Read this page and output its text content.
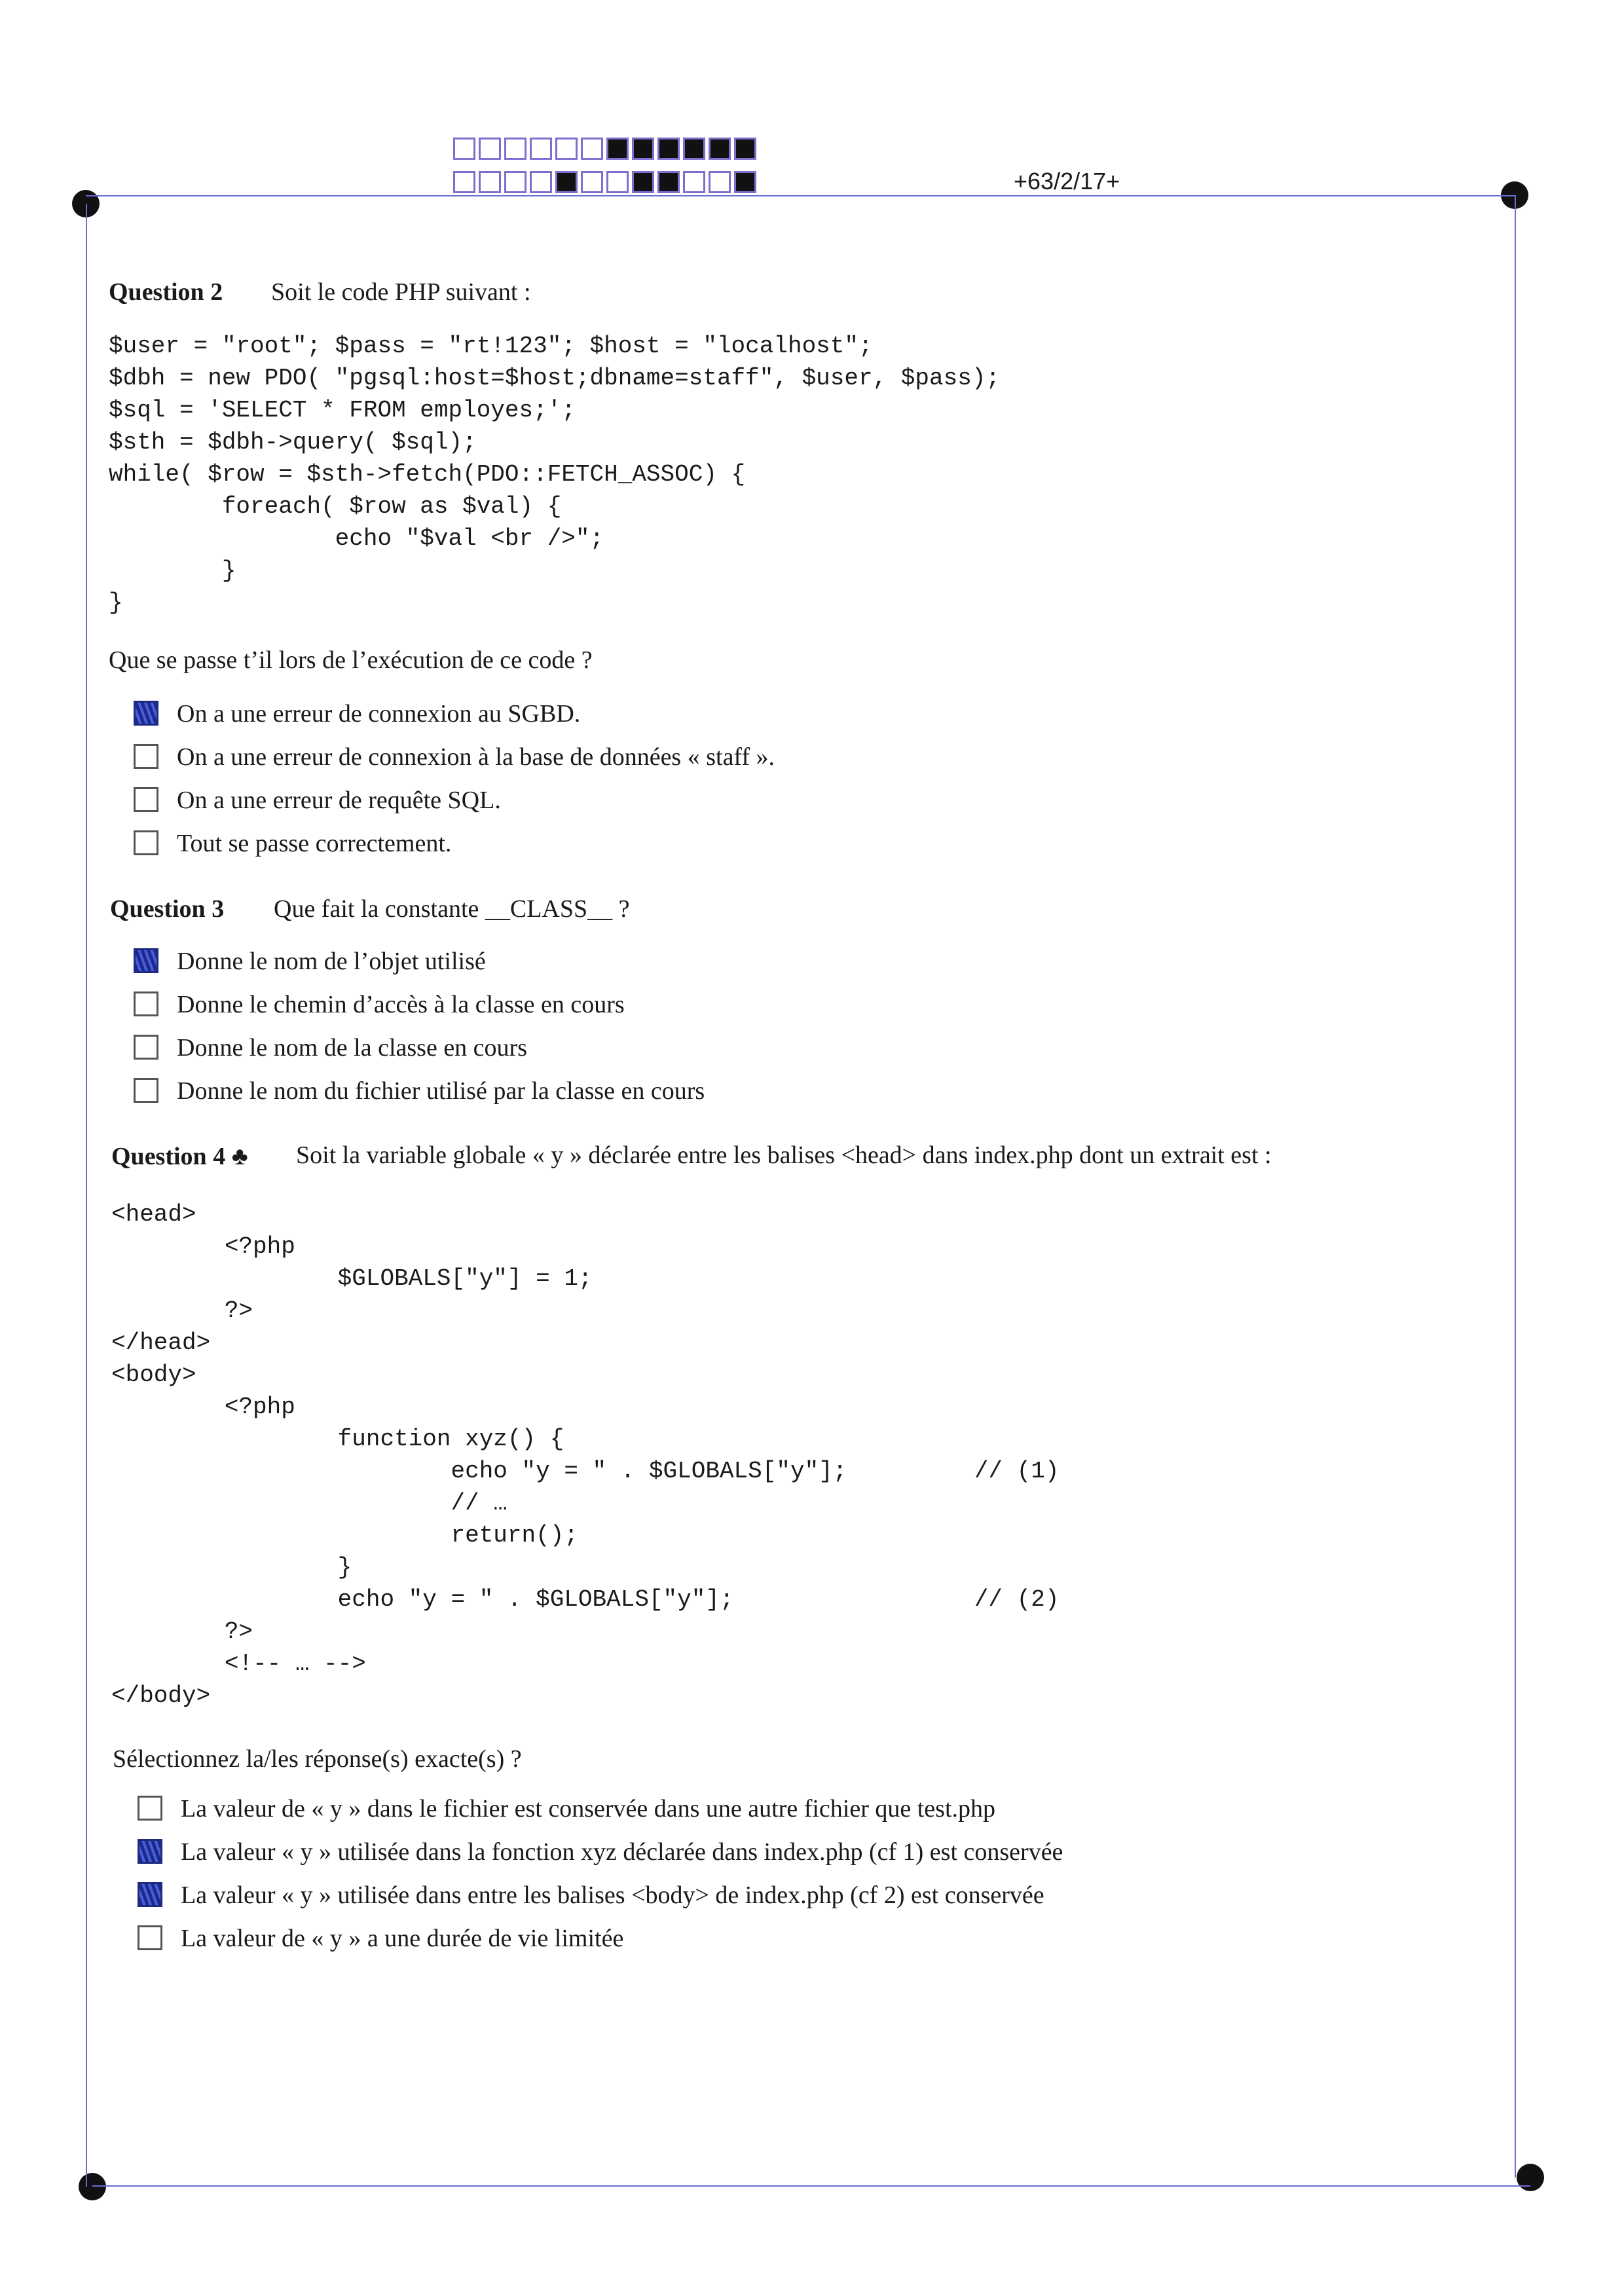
+63/2/17+
Question 2 Soit le code PHP suivant :
$user = "root"; $pass = "rt!123"; $host = "localhost";
$dbh = new PDO( "pgsql:host=$host;dbname=staff", $user, $pass);
$sql = 'SELECT * FROM employes;';
$sth = $dbh->query( $sql);
while( $row = $sth->fetch(PDO::FETCH_ASSOC) {
foreach( $row as $val) {
echo "$val <br />";
}
}
Que se passe t’il lors de l’exécution de ce code ?
On a une erreur de connexion au SGBD.
On a une erreur de connexion à la base de données « staff ».
On a une erreur de requête SQL.
Tout se passe correctement.
Question 3 Que fait la constante __CLASS__ ?
Donne le nom de l’objet utilisé
Donne le chemin d’accès à la classe en cours
Donne le nom de la classe en cours
Donne le nom du fichier utilisé par la classe en cours
Question 4 ♣ Soit la variable globale « y » déclarée entre les balises <head> dans index.php dont un extrait est :
<head>
<?php
$GLOBALS["y"] = 1;
?>
</head>
<body>
<?php
function xyz() {
echo "y = " . $GLOBALS["y"];         // (1)
// …
return();
}
echo "y = " . $GLOBALS["y"];                 // (2)
?>
<!-- … -->
</body>
Sélectionnez la/les réponse(s) exacte(s) ?
La valeur de « y » dans le fichier est conservée dans une autre fichier que test.php
La valeur « y » utilisée dans la fonction xyz déclarée dans index.php (cf 1) est conservée
La valeur « y » utilisée dans entre les balises <body> de index.php (cf 2) est conservée
La valeur de « y » a une durée de vie limitée
